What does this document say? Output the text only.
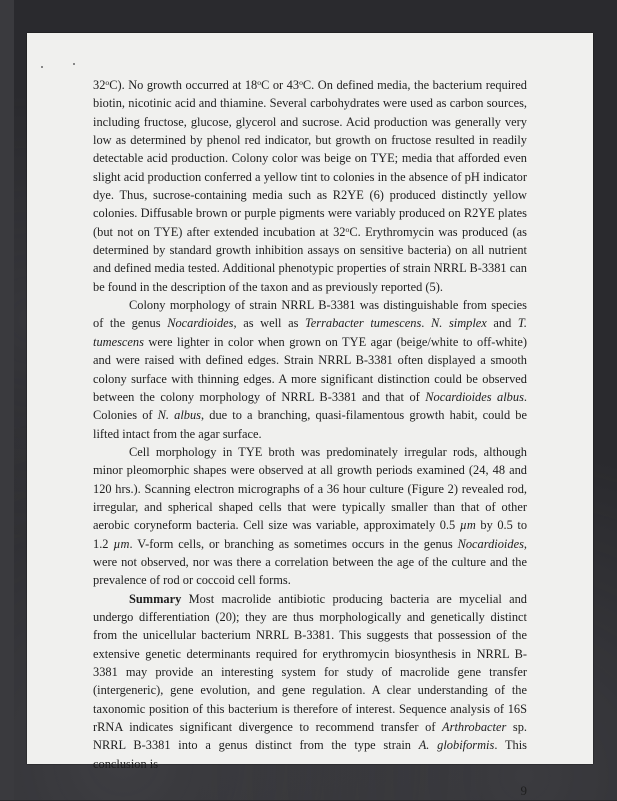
32$^o$C). No growth occurred at 18$^o$C or 43$^o$C. On defined media, the bacterium required biotin, nicotinic acid and thiamine. Several carbohydrates were used as carbon sources, including fructose, glucose, glycerol and sucrose. Acid production was generally very low as determined by phenol red indicator, but growth on fructose resulted in readily detectable acid production. Colony color was beige on TYE; media that afforded even slight acid production conferred a yellow tint to colonies in the absence of pH indicator dye. Thus, sucrose-containing media such as R2YE (6) produced distinctly yellow colonies. Diffusable brown or purple pigments were variably produced on R2YE plates (but not on TYE) after extended incubation at 32$^o$C. Erythromycin was produced (as determined by standard growth inhibition assays on sensitive bacteria) on all nutrient and defined media tested. Additional phenotypic properties of strain NRRL B-3381 can be found in the description of the taxon and as previously reported (5).

Colony morphology of strain NRRL B-3381 was distinguishable from species of the genus Nocardioides, as well as Terrabacter tumescens. N. simplex and T. tumescens were lighter in color when grown on TYE agar (beige/white to off-white) and were raised with defined edges. Strain NRRL B-3381 often displayed a smooth colony surface with thinning edges. A more significant distinction could be observed between the colony morphology of NRRL B-3381 and that of Nocardioides albus. Colonies of N. albus, due to a branching, quasi-filamentous growth habit, could be lifted intact from the agar surface.

Cell morphology in TYE broth was predominately irregular rods, although minor pleomorphic shapes were observed at all growth periods examined (24, 48 and 120 hrs.). Scanning electron micrographs of a 36 hour culture (Figure 2) revealed rod, irregular, and spherical shaped cells that were typically smaller than that of other aerobic coryneform bacteria. Cell size was variable, approximately 0.5 µm by 0.5 to 1.2 µm. V-form cells, or branching as sometimes occurs in the genus Nocardioides, were not observed, nor was there a correlation between the age of the culture and the prevalence of rod or coccoid cell forms.

Summary Most macrolide antibiotic producing bacteria are mycelial and undergo differentiation (20); they are thus morphologically and genetically distinct from the unicellular bacterium NRRL B-3381. This suggests that possession of the extensive genetic determinants required for erythromycin biosynthesis in NRRL B-3381 may provide an interesting system for study of macrolide gene transfer (intergeneric), gene evolution, and gene regulation. A clear understanding of the taxonomic position of this bacterium is therefore of interest. Sequence analysis of 16S rRNA indicates significant divergence to recommend transfer of Arthrobacter sp. NRRL B-3381 into a genus distinct from the type strain A. globiformis. This conclusion is

9
